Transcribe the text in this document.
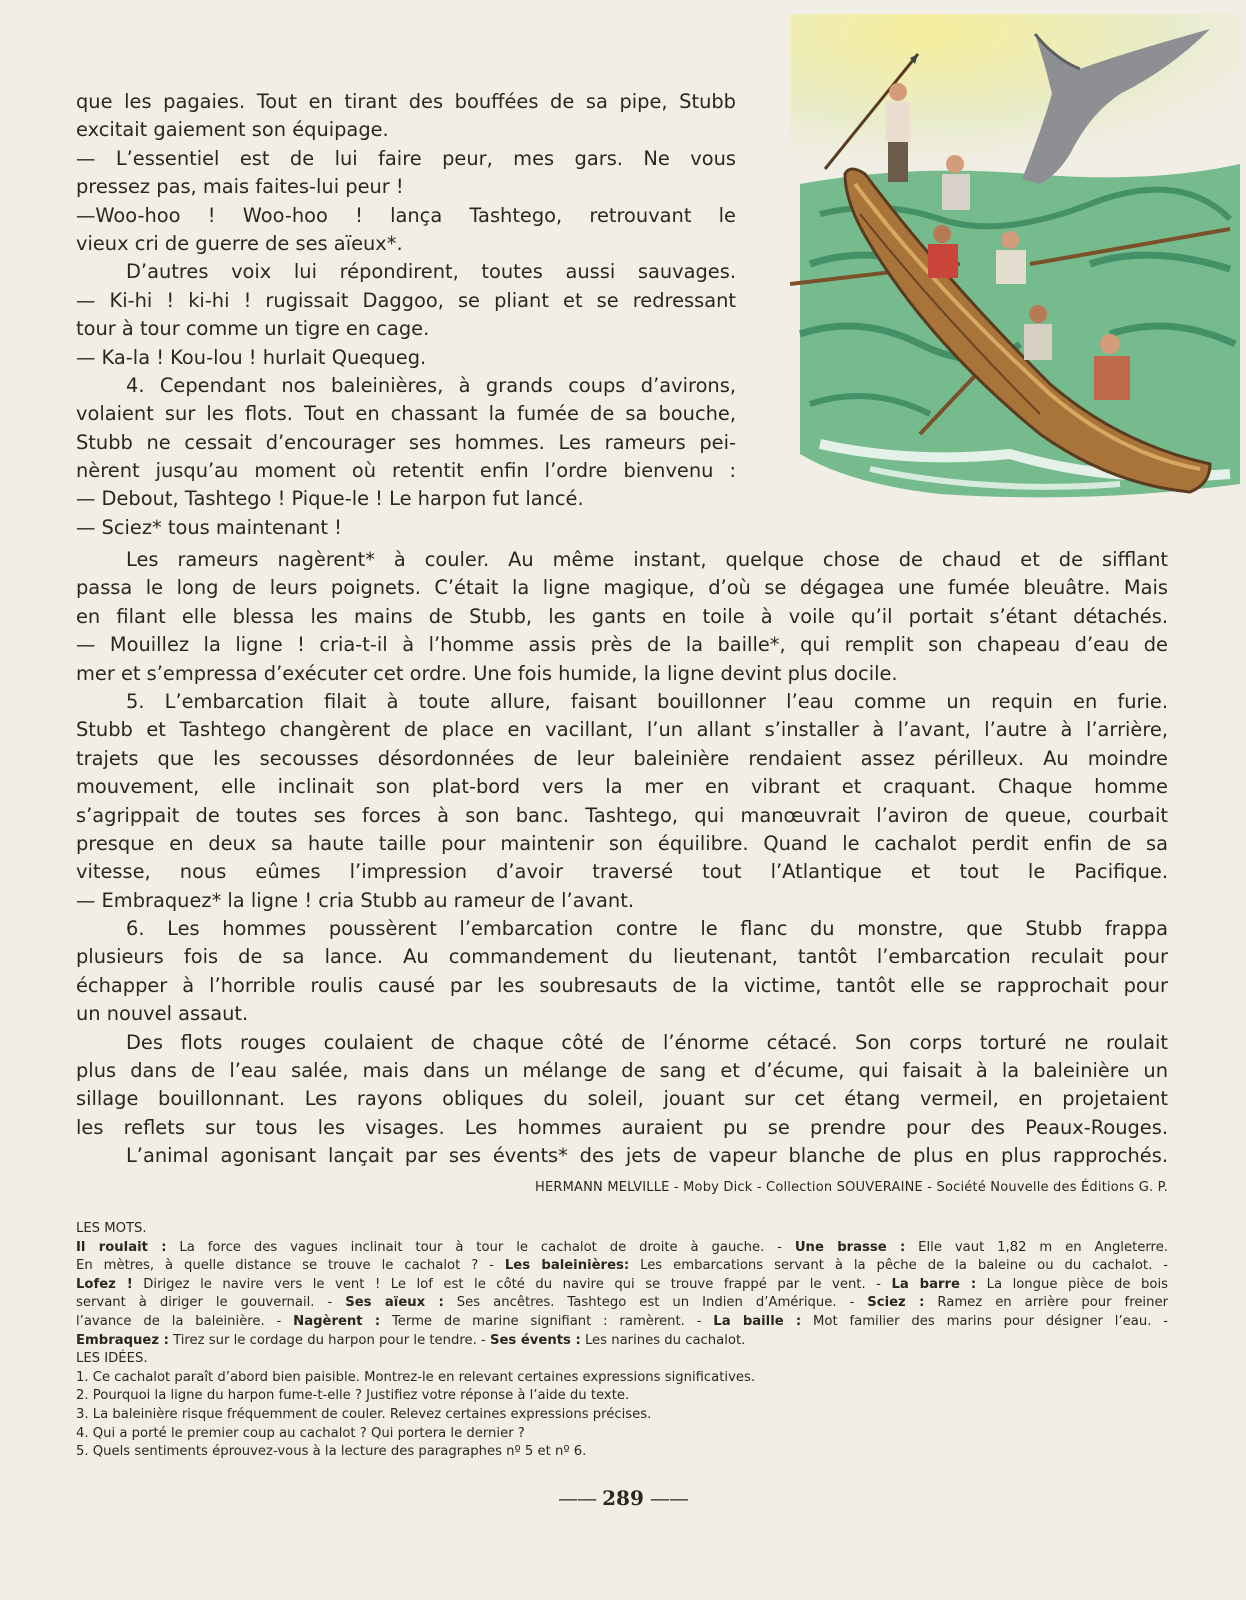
que les pagaies. Tout en tirant des bouffées de sa pipe, Stubb
excitait gaiement son équipage.
— L’essentiel est de lui faire peur, mes gars. Ne vous
pressez pas, mais faites-lui peur !
—Woo-hoo ! Woo-hoo ! lança Tashtego, retrouvant le
vieux cri de guerre de ses aïeux*.
D’autres voix lui répondirent, toutes aussi sauvages.
— Ki-hi ! ki-hi ! rugissait Daggoo, se pliant et se redressant
tour à tour comme un tigre en cage.
— Ka-la ! Kou-lou ! hurlait Quequeg.
4. Cependant nos baleinières, à grands coups d’avirons,
volaient sur les flots. Tout en chassant la fumée de sa bouche,
Stubb ne cessait d’encourager ses hommes. Les rameurs pei-
nèrent jusqu’au moment où retentit enfin l’ordre bienvenu :
— Debout, Tashtego ! Pique-le ! Le harpon fut lancé.
— Sciez* tous maintenant !
Les rameurs nagèrent* à couler. Au même instant, quelque chose de chaud et de sifflant
passa le long de leurs poignets. C’était la ligne magique, d’où se dégagea une fumée bleuâtre. Mais
en filant elle blessa les mains de Stubb, les gants en toile à voile qu’il portait s’étant détachés.
— Mouillez la ligne ! cria-t-il à l’homme assis près de la baille*, qui remplit son chapeau d’eau de
mer et s’empressa d’exécuter cet ordre. Une fois humide, la ligne devint plus docile.
5. L’embarcation filait à toute allure, faisant bouillonner l’eau comme un requin en furie.
Stubb et Tashtego changèrent de place en vacillant, l’un allant s’installer à l’avant, l’autre à l’arrière,
trajets que les secousses désordonnées de leur baleinière rendaient assez périlleux. Au moindre
mouvement, elle inclinait son plat-bord vers la mer en vibrant et craquant. Chaque homme
s’agrippait de toutes ses forces à son banc. Tashtego, qui manœuvrait l’aviron de queue, courbait
presque en deux sa haute taille pour maintenir son équilibre. Quand le cachalot perdit enfin de sa
vitesse, nous eûmes l’impression d’avoir traversé tout l’Atlantique et tout le Pacifique.
— Embraquez* la ligne ! cria Stubb au rameur de l’avant.
6. Les hommes poussèrent l’embarcation contre le flanc du monstre, que Stubb frappa
plusieurs fois de sa lance. Au commandement du lieutenant, tantôt l’embarcation reculait pour
échapper à l’horrible roulis causé par les soubresauts de la victime, tantôt elle se rapprochait pour
un nouvel assaut.
Des flots rouges coulaient de chaque côté de l’énorme cétacé. Son corps torturé ne roulait
plus dans de l’eau salée, mais dans un mélange de sang et d’écume, qui faisait à la baleinière un
sillage bouillonnant. Les rayons obliques du soleil, jouant sur cet étang vermeil, en projetaient
les reflets sur tous les visages. Les hommes auraient pu se prendre pour des Peaux-Rouges.
L’animal agonisant lançait par ses évents* des jets de vapeur blanche de plus en plus rapprochés.
HERMANN MELVILLE - Moby Dick - Collection SOUVERAINE - Société Nouvelle des Éditions G. P.
LES MOTS.
Il roulait : La force des vagues inclinait tour à tour le cachalot de droite à gauche. - Une brasse : Elle vaut 1,82 m en Angleterre.
En mètres, à quelle distance se trouve le cachalot ? - Les baleinières: Les embarcations servant à la pêche de la baleine ou du cachalot. -
Lofez ! Dirigez le navire vers le vent ! Le lof est le côté du navire qui se trouve frappé par le vent. - La barre : La longue pièce de bois
servant à diriger le gouvernail. - Ses aïeux : Ses ancêtres. Tashtego est un Indien d’Amérique. - Sciez : Ramez en arrière pour freiner
l’avance de la baleinière. - Nagèrent : Terme de marine signifiant : ramèrent. - La baille : Mot familier des marins pour désigner l’eau. -
Embraquez : Tirez sur le cordage du harpon pour le tendre. - Ses évents : Les narines du cachalot.
LES IDÉES.
1. Ce cachalot paraît d’abord bien paisible. Montrez-le en relevant certaines expressions significatives.
2. Pourquoi la ligne du harpon fume-t-elle ? Justifiez votre réponse à l’aide du texte.
3. La baleinière risque fréquemment de couler. Relevez certaines expressions précises.
4. Qui a porté le premier coup au cachalot ? Qui portera le dernier ?
5. Quels sentiments éprouvez-vous à la lecture des paragraphes nº 5 et nº 6.
—— 289 ——
